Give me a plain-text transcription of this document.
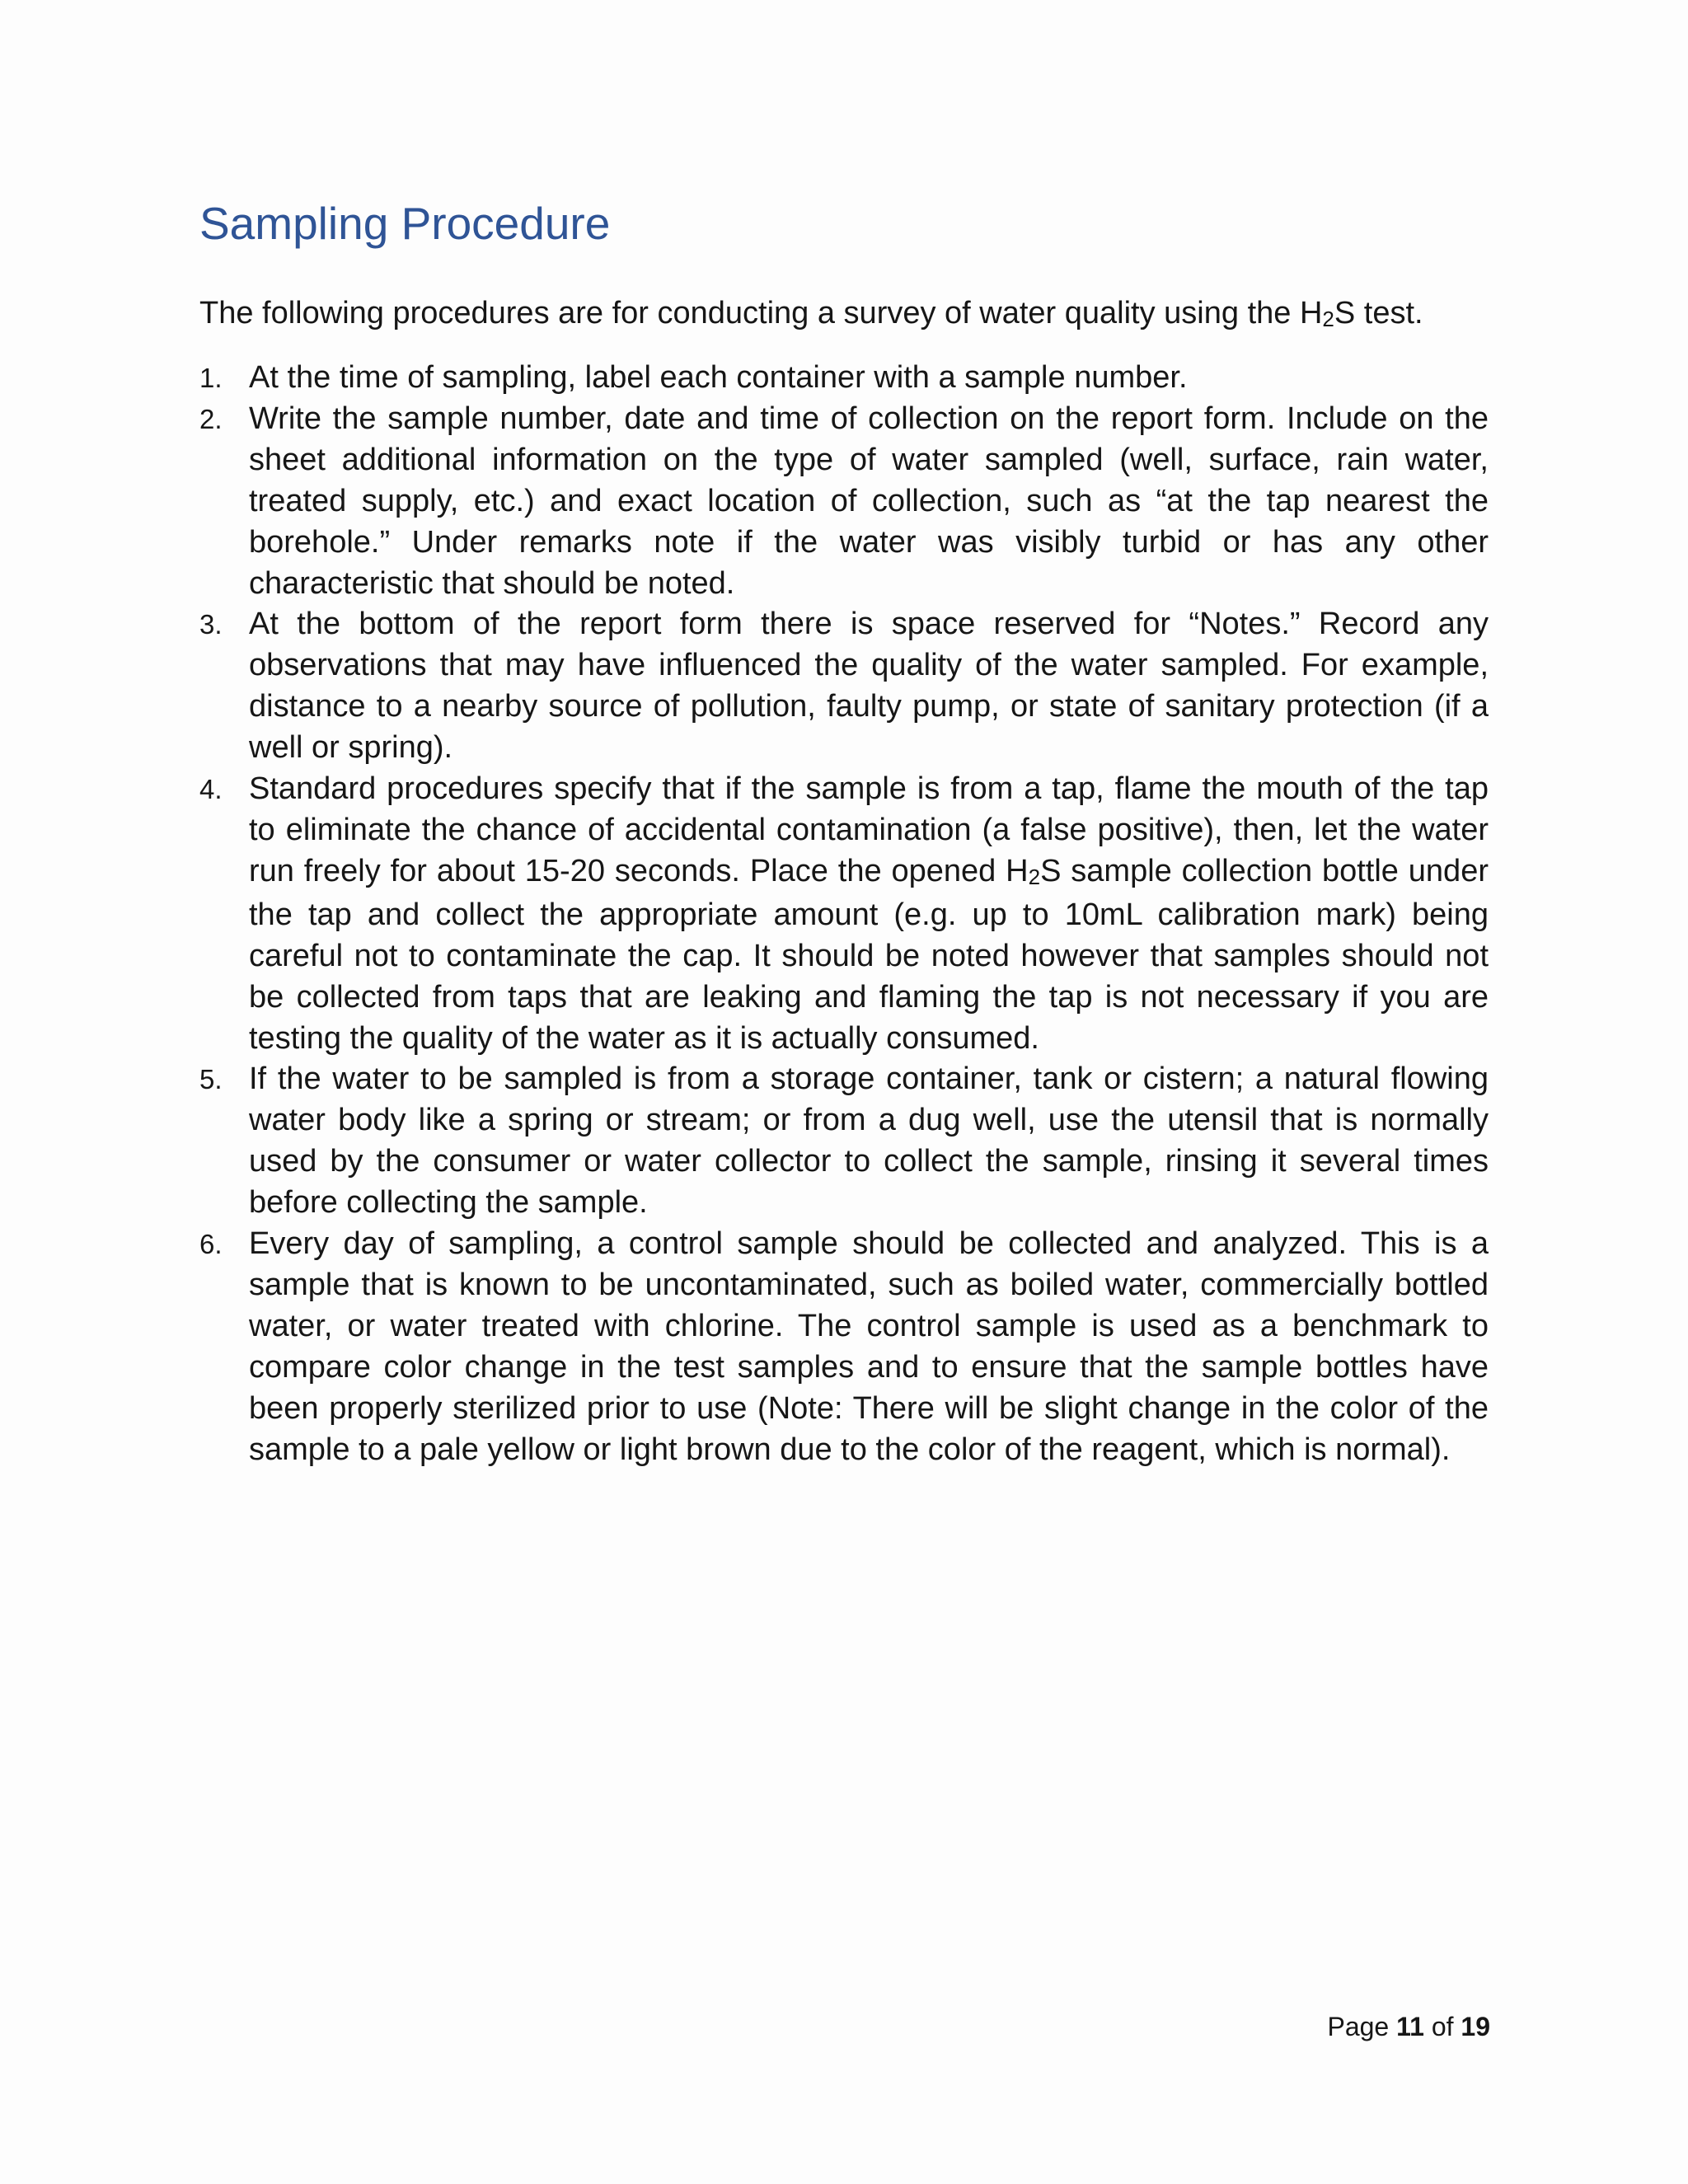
Sampling Procedure

The following procedures are for conducting a survey of water quality using the $H_2S$ test.

1. At the time of sampling, label each container with a sample number.
2. Write the sample number, date and time of collection on the report form. Include on the sheet additional information on the type of water sampled (well, surface, rain water, treated supply, etc.) and exact location of collection, such as “at the tap nearest the borehole.” Under remarks note if the water was visibly turbid or has any other characteristic that should be noted.
3. At the bottom of the report form there is space reserved for “Notes.” Record any observations that may have influenced the quality of the water sampled. For example, distance to a nearby source of pollution, faulty pump, or state of sanitary protection (if a well or spring).
4. Standard procedures specify that if the sample is from a tap, flame the mouth of the tap to eliminate the chance of accidental contamination (a false positive), then, let the water run freely for about 15-20 seconds. Place the opened $H_2S$ sample collection bottle under the tap and collect the appropriate amount (e.g. up to 10mL calibration mark) being careful not to contaminate the cap. It should be noted however that samples should not be collected from taps that are leaking and flaming the tap is not necessary if you are testing the quality of the water as it is actually consumed.
5. If the water to be sampled is from a storage container, tank or cistern; a natural flowing water body like a spring or stream; or from a dug well, use the utensil that is normally used by the consumer or water collector to collect the sample, rinsing it several times before collecting the sample.
6. Every day of sampling, a control sample should be collected and analyzed. This is a sample that is known to be uncontaminated, such as boiled water, commercially bottled water, or water treated with chlorine. The control sample is used as a benchmark to compare color change in the test samples and to ensure that the sample bottles have been properly sterilized prior to use (Note: There will be slight change in the color of the sample to a pale yellow or light brown due to the color of the reagent, which is normal).
Page 11 of 19
